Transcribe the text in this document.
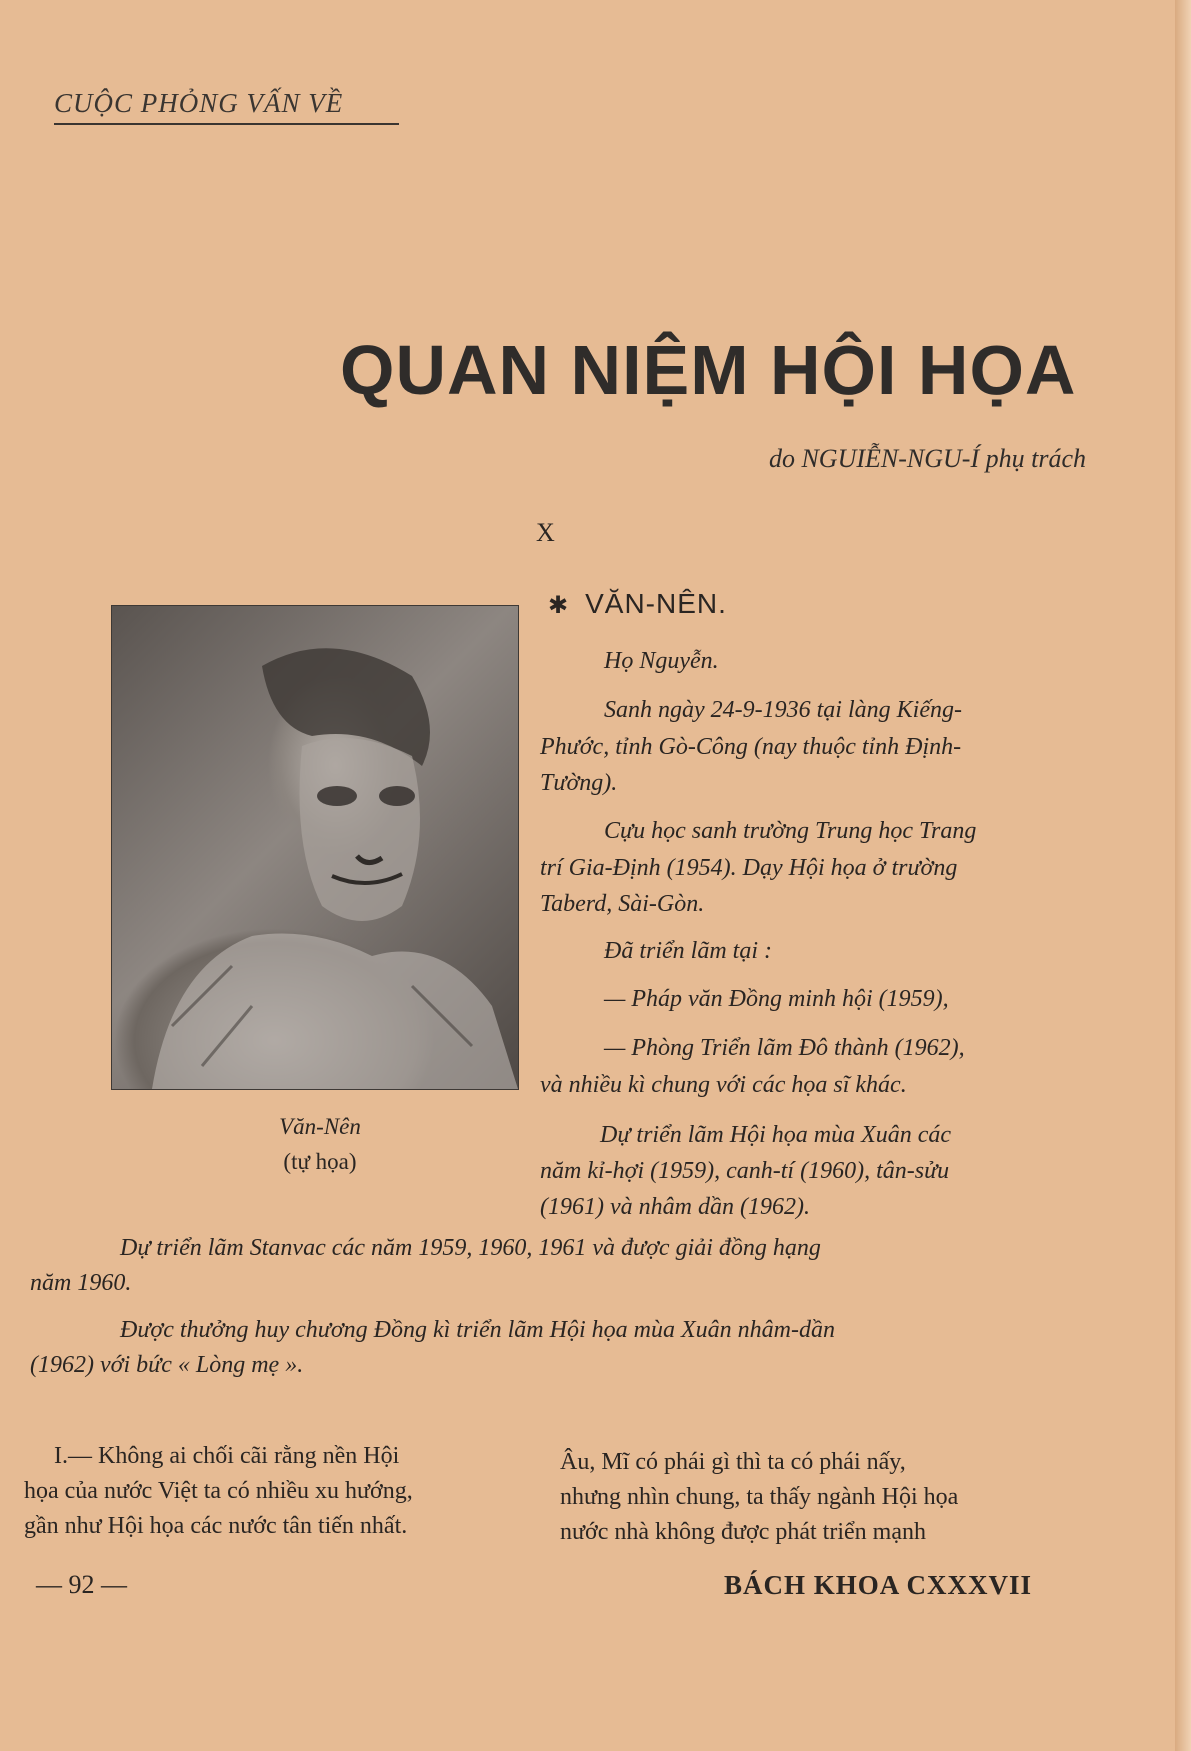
CUỘC PHỎNG VẤN VỀ
QUAN NIỆM HỘI HỌA
do NGUIỄN-NGU-Í phụ trách
X
Văn-Nên
(tự họa)
✱ VĂN-NÊN.
Họ Nguyễn.
Sanh ngày 24-9-1936 tại làng Kiếng-
Phước, tỉnh Gò-Công (nay thuộc tỉnh Định-
Tường).
Cựu học sanh trường Trung học Trang
trí Gia-Định (1954). Dạy Hội họa ở trường
Taberd, Sài-Gòn.
Đã triển lãm tại :
— Pháp văn Đồng minh hội (1959),
— Phòng Triển lãm Đô thành (1962),
và nhiều kì chung với các họa sĩ khác.
Dự triển lãm Hội họa mùa Xuân các
năm kỉ-hợi (1959), canh-tí (1960), tân-sửu
(1961) và nhâm dần (1962).
Dự triển lãm Stanvac các năm 1959, 1960, 1961 và được giải đồng hạng
năm 1960.
Được thưởng huy chương Đồng kì triển lãm Hội họa mùa Xuân nhâm-dần
(1962) với bức « Lòng mẹ ».
I.— Không ai chối cãi rằng nền Hội
họa của nước Việt ta có nhiều xu hướng,
gần như Hội họa các nước tân tiến nhất.
Âu, Mĩ có phái gì thì ta có phái nấy,
nhưng nhìn chung, ta thấy ngành Hội họa
nước nhà không được phát triển mạnh
— 92 —	BÁCH KHOA CXXXVII
